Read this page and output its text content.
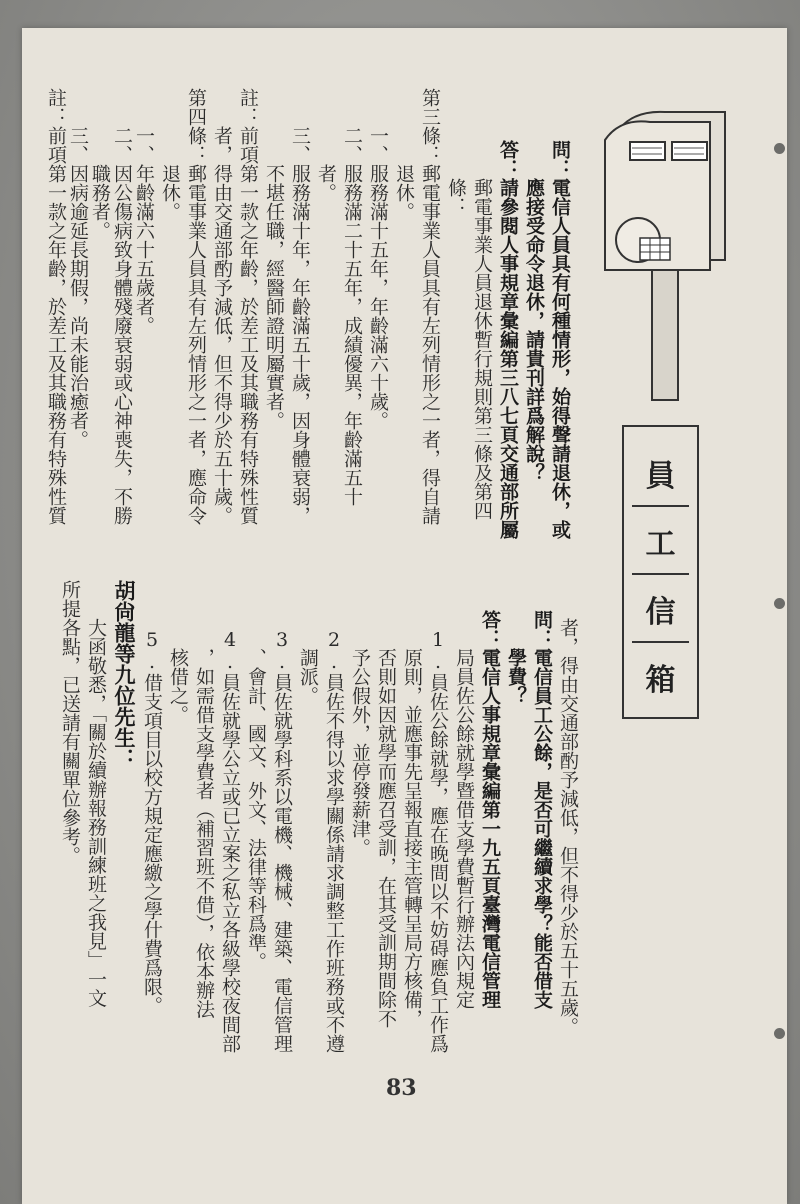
員
工
信
箱

問：電信人員具有何種情形，始得聲請退休，或

　　應接受命令退休，請貴刊詳爲解說？

答：請參閱人事規章彙編第三八七頁交通部所屬

　　郵電事業人員退休暫行規則第三條及第四

　　條：

第三條：郵電事業人員具有左列情形之一者，得自請

　　　　退休。

　　一、服務滿十五年，年齡滿六十歲。

　　二、服務滿二十五年，成績優異，年齡滿五十

　　　　者。

　　三、服務滿十年，年齡滿五十歲，因身體衰弱，

　　　　不堪任職，經醫師證明屬實者。

註：前項第一款之年齡，於差工及其職務有特殊性質

　　者，得由交通部酌予減低，但不得少於五十歲。

第四條：郵電事業人員具有左列情形之一者，應命令

　　　　退休。

　　一、年齡滿六十五歲者。

　　二、因公傷病致身體殘廢衰弱或心神喪失，不勝

　　　　職務者。

　　三、因病逾延長期假，尚未能治癒者。

註：前項第一款之年齡，於差工及其職務有特殊性質

　　者，得由交通部酌予減低，但不得少於五十五歲。

問：電信員工公餘，是否可繼續求學？能否借支

　　學費？

答：電信人事規章彙編第一九五頁臺灣電信管理

　　局員佐公餘就學暨借支學費暫行辦法內規定

　1.員佐公餘就學，應在晚間以不妨碍應負工作爲

　　原則，並應事先呈報直接主管轉呈局方核備，

　　否則如因就學而應召受訓，在其受訓期間除不

　　予公假外，並停發薪津。

　2.員佐不得以求學關係請求調整工作班務或不遵

　　調派。

　3.員佐就學科系以電機、機械、建築、電信管理

　　、會計、國文、外文、法律等科爲準。

　4.員佐就學公立或已立案之私立各級學校夜間部

　　，如需借支學費者（補習班不借），依本辦法

　　核借之。

　5.借支項目以校方規定應繳之學什費爲限。

胡尙龍等九位先生：

　　大函敬悉，「關於續辦報務訓練班之我見」一文

所提各點，已送請有關單位參考。

83
